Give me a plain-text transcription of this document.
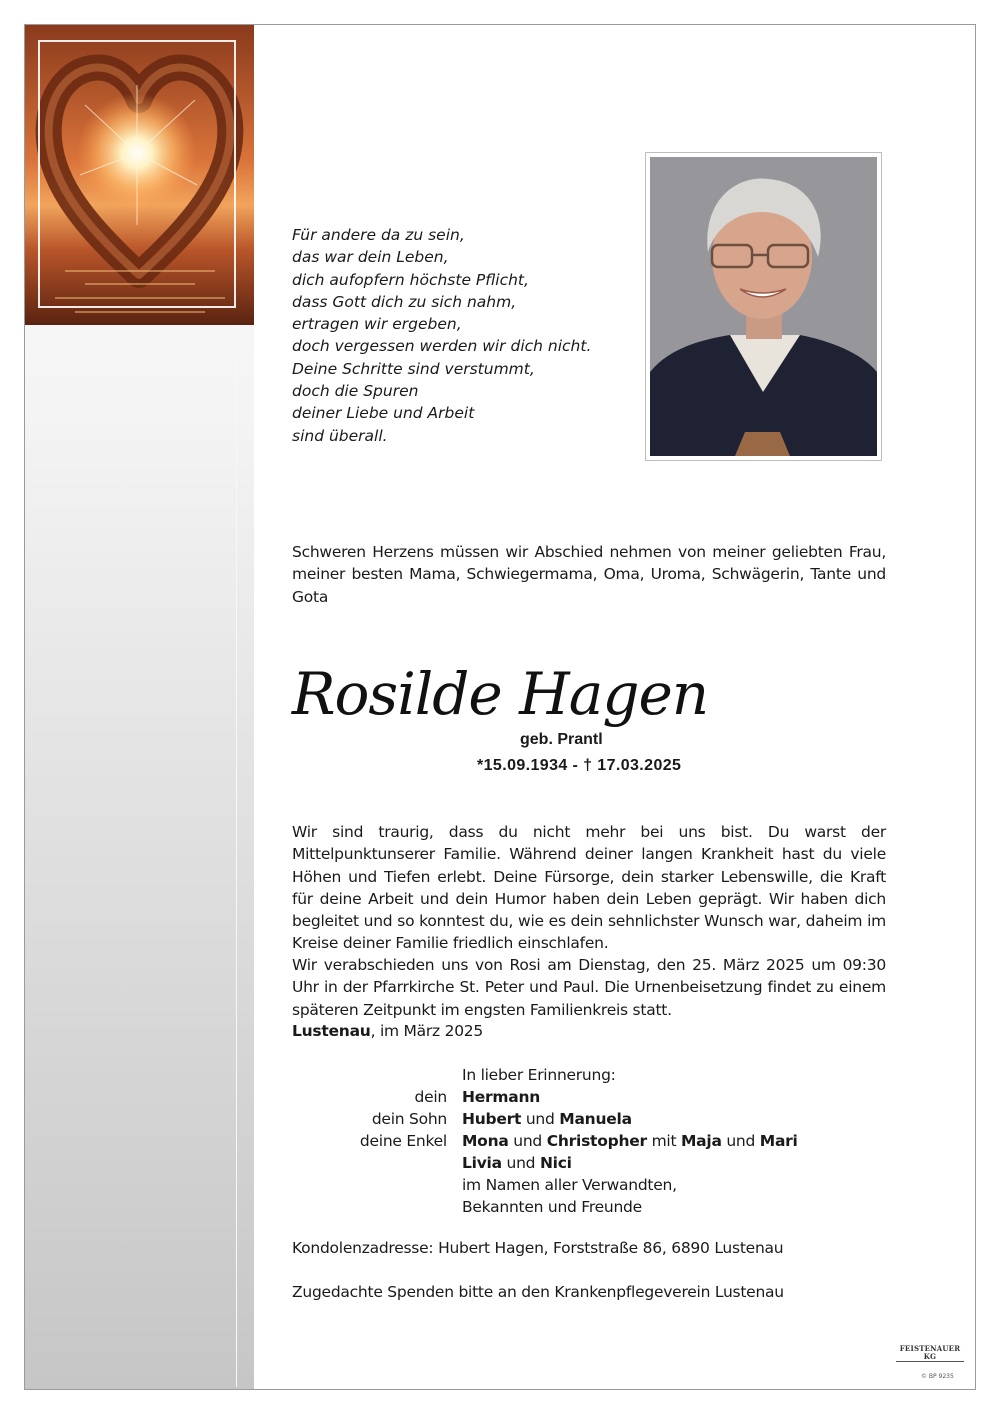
Für andere da zu sein,
das war dein Leben,
dich aufopfern höchste Pflicht,
dass Gott dich zu sich nahm,
ertragen wir ergeben,
doch vergessen werden wir dich nicht.
Deine Schritte sind verstummt,
doch die Spuren
deiner Liebe und Arbeit
sind überall.

Schweren Herzens müssen wir Abschied nehmen von meiner geliebten Frau, meiner besten Mama, Schwiegermama, Oma, Uroma, Schwägerin, Tante und Gota

Rosilde Hagen
geb. Prantl
*15.09.1934 - † 17.03.2025

Wir sind traurig, dass du nicht mehr bei uns bist. Du warst der Mittelpunktunserer Familie. Während deiner langen Krankheit hast du viele Höhen und Tiefen erlebt. Deine Fürsorge, dein starker Lebenswille, die Kraft für deine Arbeit und dein Humor haben dein Leben geprägt. Wir haben dich begleitet und so konntest du, wie es dein sehnlichster Wunsch war, daheim im Kreise deiner Familie friedlich einschlafen.

Wir verabschieden uns von Rosi am Dienstag, den 25. März 2025 um 09:30 Uhr in der Pfarrkirche St. Peter und Paul. Die Urnenbeisetzung findet zu einem späteren Zeitpunkt im engsten Familienkreis statt.

Lustenau, im März 2025
In lieber Erinnerung:
dein Hermann
dein Sohn Hubert und Manuela
deine Enkel Mona und Christopher mit Maja und Mari
Livia und Nici
im Namen aller Verwandten,
Bekannten und Freunde
Kondolenzadresse: Hubert Hagen, Forststraße 86, 6890 Lustenau
Zugedachte Spenden bitte an den Krankenpflegeverein Lustenau
FEISTENAUER KG
© BP 9235
